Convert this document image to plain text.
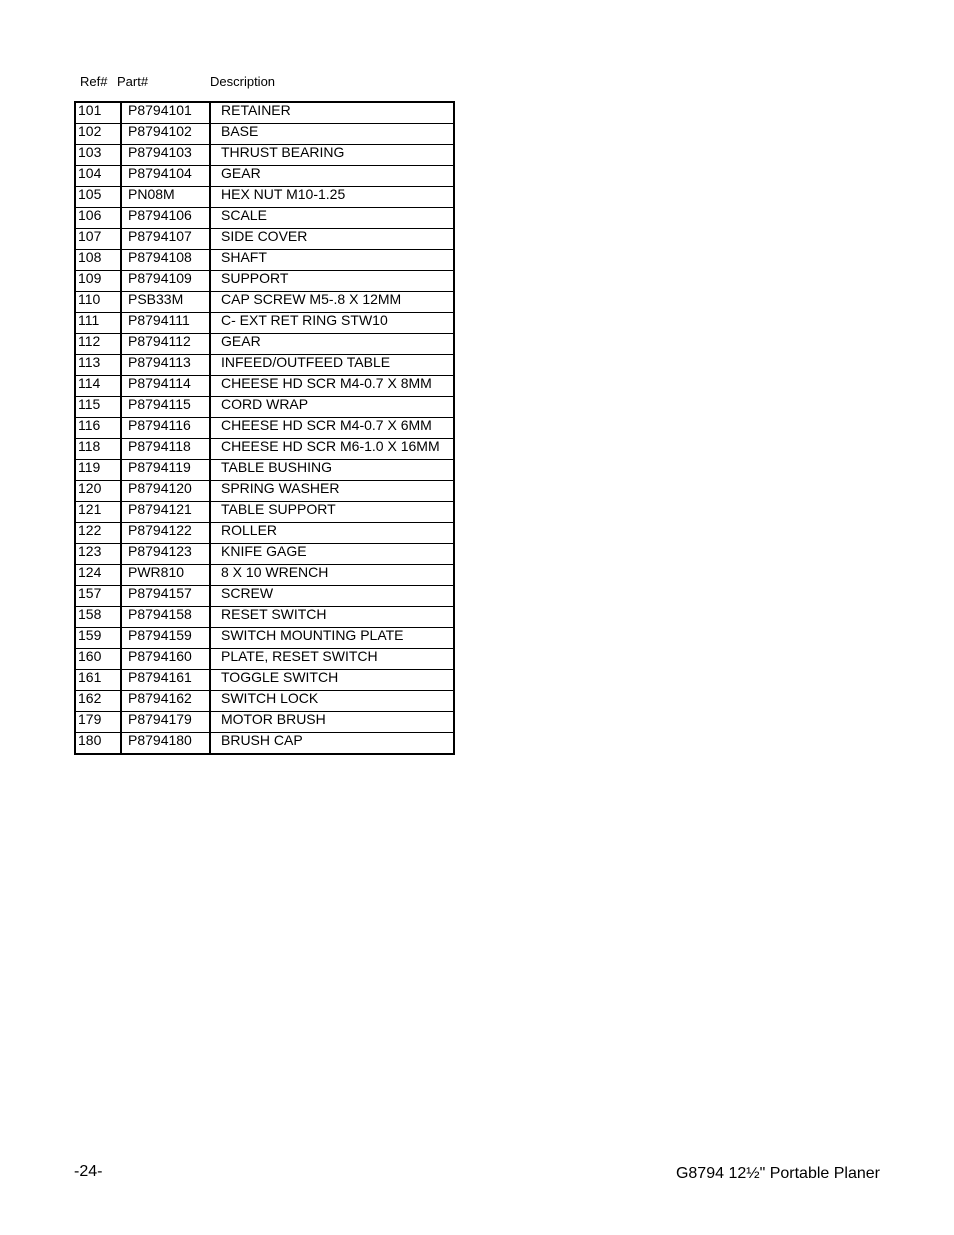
Ref# Part#	Description
101	P8794101	RETAINER
102	P8794102	BASE
103	P8794103	THRUST BEARING
104	P8794104	GEAR
105	PN08M	HEX NUT M10-1.25
106	P8794106	SCALE
107	P8794107	SIDE COVER
108	P8794108	SHAFT
109	P8794109	SUPPORT
110	PSB33M	CAP SCREW M5-.8 X 12MM
111	P8794111	C- EXT RET RING STW10
112	P8794112	GEAR
113	P8794113	INFEED/OUTFEED TABLE
114	P8794114	CHEESE HD SCR M4-0.7 X 8MM
115	P8794115	CORD WRAP
116	P8794116	CHEESE HD SCR M4-0.7 X 6MM
118	P8794118	CHEESE HD SCR M6-1.0 X 16MM
119	P8794119	TABLE BUSHING
120	P8794120	SPRING WASHER
121	P8794121	TABLE SUPPORT
122	P8794122	ROLLER
123	P8794123	KNIFE GAGE
124	PWR810	8 X 10 WRENCH
157	P8794157	SCREW
158	P8794158	RESET SWITCH
159	P8794159	SWITCH MOUNTING PLATE
160	P8794160	PLATE, RESET SWITCH
161	P8794161	TOGGLE SWITCH
162	P8794162	SWITCH LOCK
179	P8794179	MOTOR BRUSH
180	P8794180	BRUSH CAP
-24-	G8794 12½" Portable Planer
